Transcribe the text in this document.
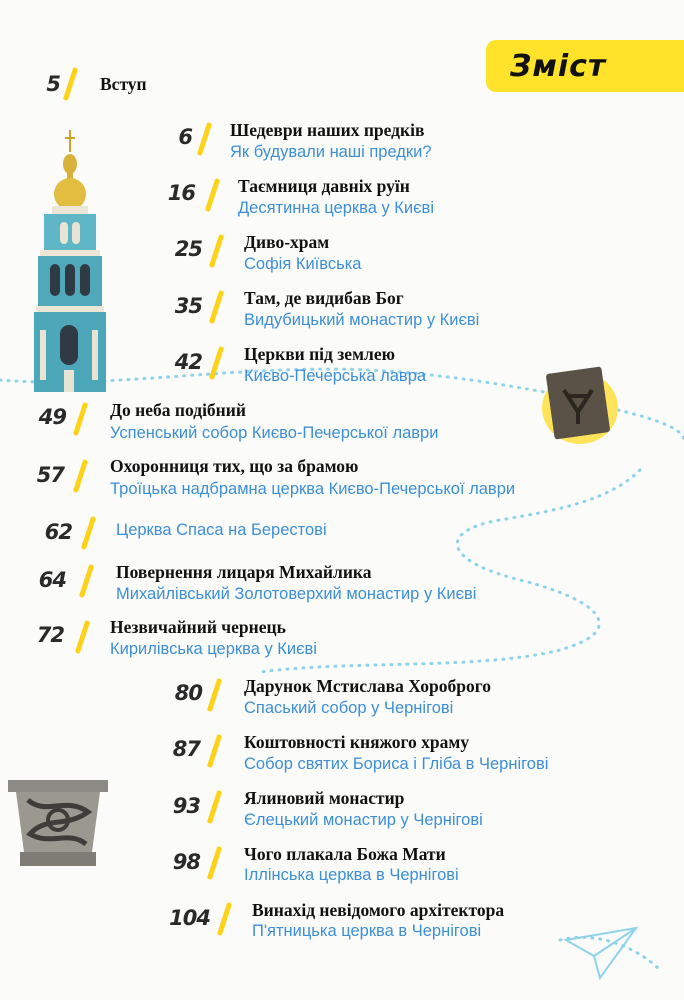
Зміст
5 Вступ
6 Шедеври наших предків
Як будували наші предки?
16 Таємниця давніх руїн
Десятинна церква у Києві
25 Диво-храм
Софія Київська
35 Там, де видибав Бог
Видубицький монастир у Києві
42 Церкви під землею
Києво-Печерська лавра
49	До неба подібний
Успенський собор Києво-Печерської лаври
57	Охоронниця тих, що за брамою
Троїцька надбрамна церква Києво-Печерської лаври
62	Церква Спаса на Берестові
64	Повернення лицаря Михайлика
Михайлівський Золотоверхий монастир у Києві
72	Незвичайний чернець
Кирилівська церква у Києві
80 Дарунок Мстислава Хороброго
Спаський собор у Чернігові
87	Коштовності княжого храму
Собор святих Бориса і Гліба в Чернігові
93	Ялиновий монастир
Єлецький монастир у Чернігові
98	Чого плакала Божа Мати
Іллінська церква в Чернігові
104 Винахід невідомого архітектора
П'ятницька церква в Чернігові
